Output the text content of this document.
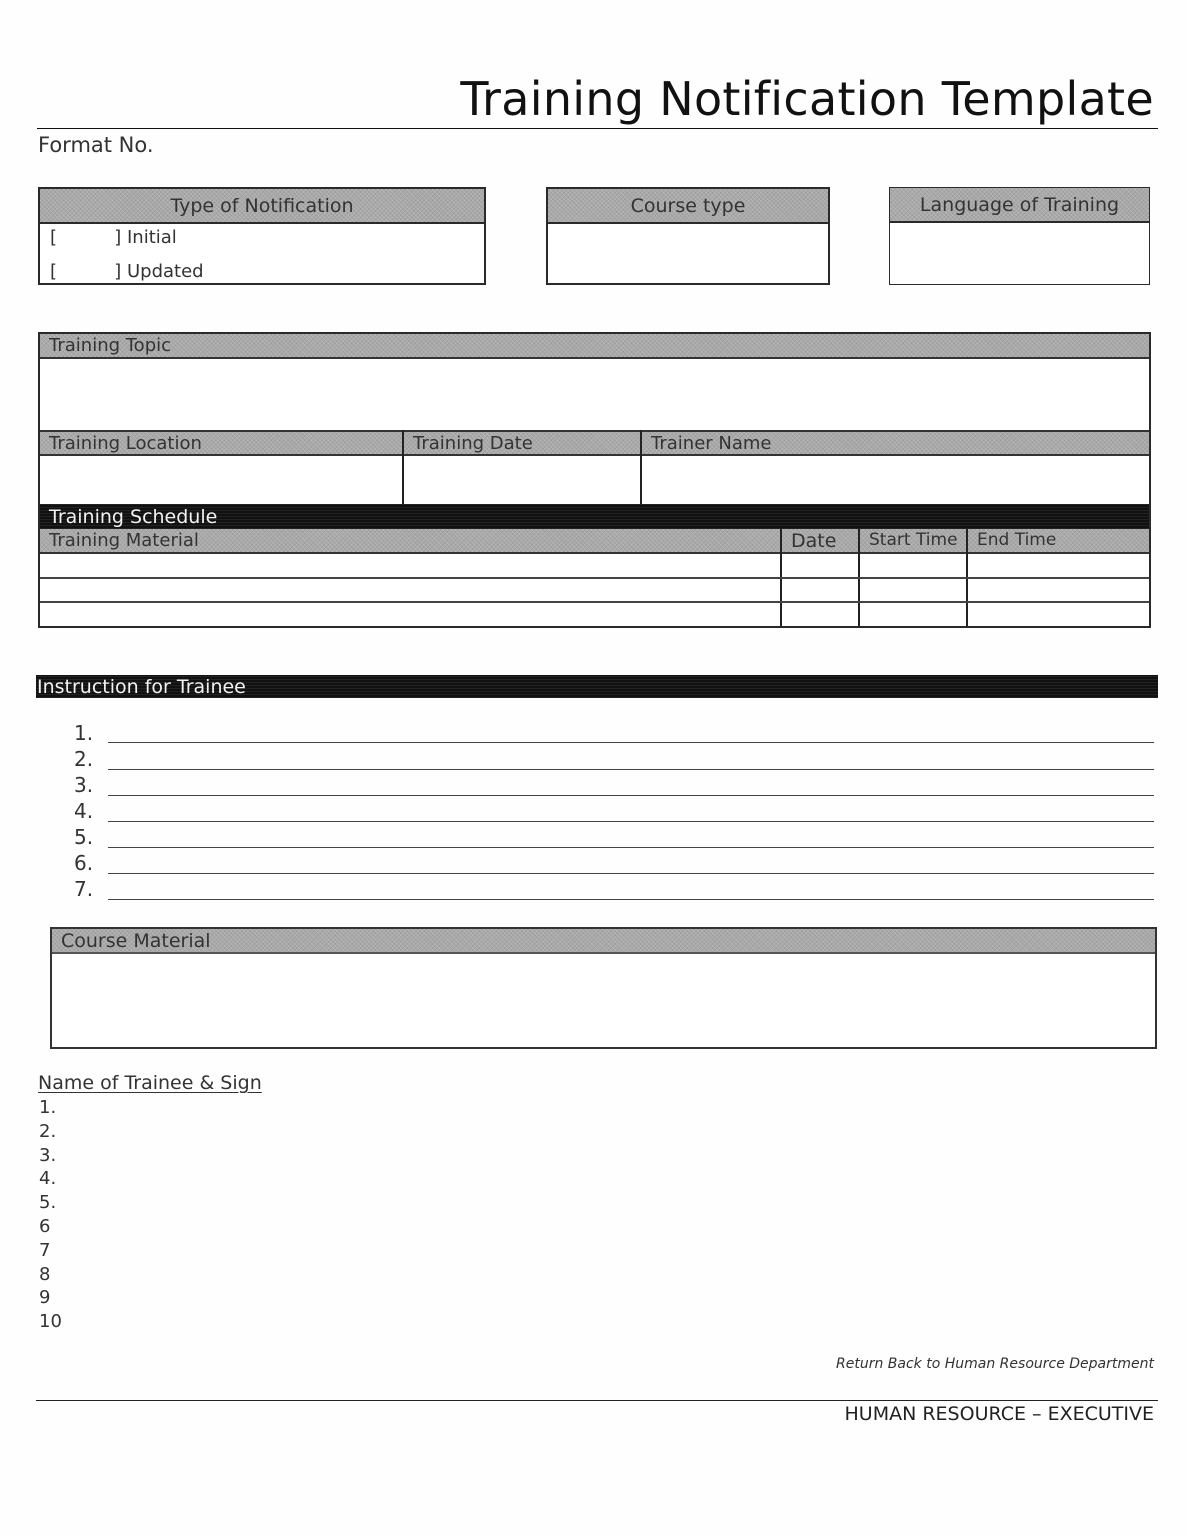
Training Notification Template
Format No.
Type of Notification
[          ] Initial
[          ] Updated
Course type	Language of Training
Training Topic
Training Location	Training Date	Trainer Name
Training Schedule
Training Material	Date	Start Time	End Time
Instruction for Trainee
1.
2.
3.
4.
5.
6.
7.
Course Material
Name of Trainee & Sign
1.
2.
3.
4.
5.
6
7
8
9
10
Return Back to Human Resource Department
HUMAN RESOURCE – EXECUTIVE
